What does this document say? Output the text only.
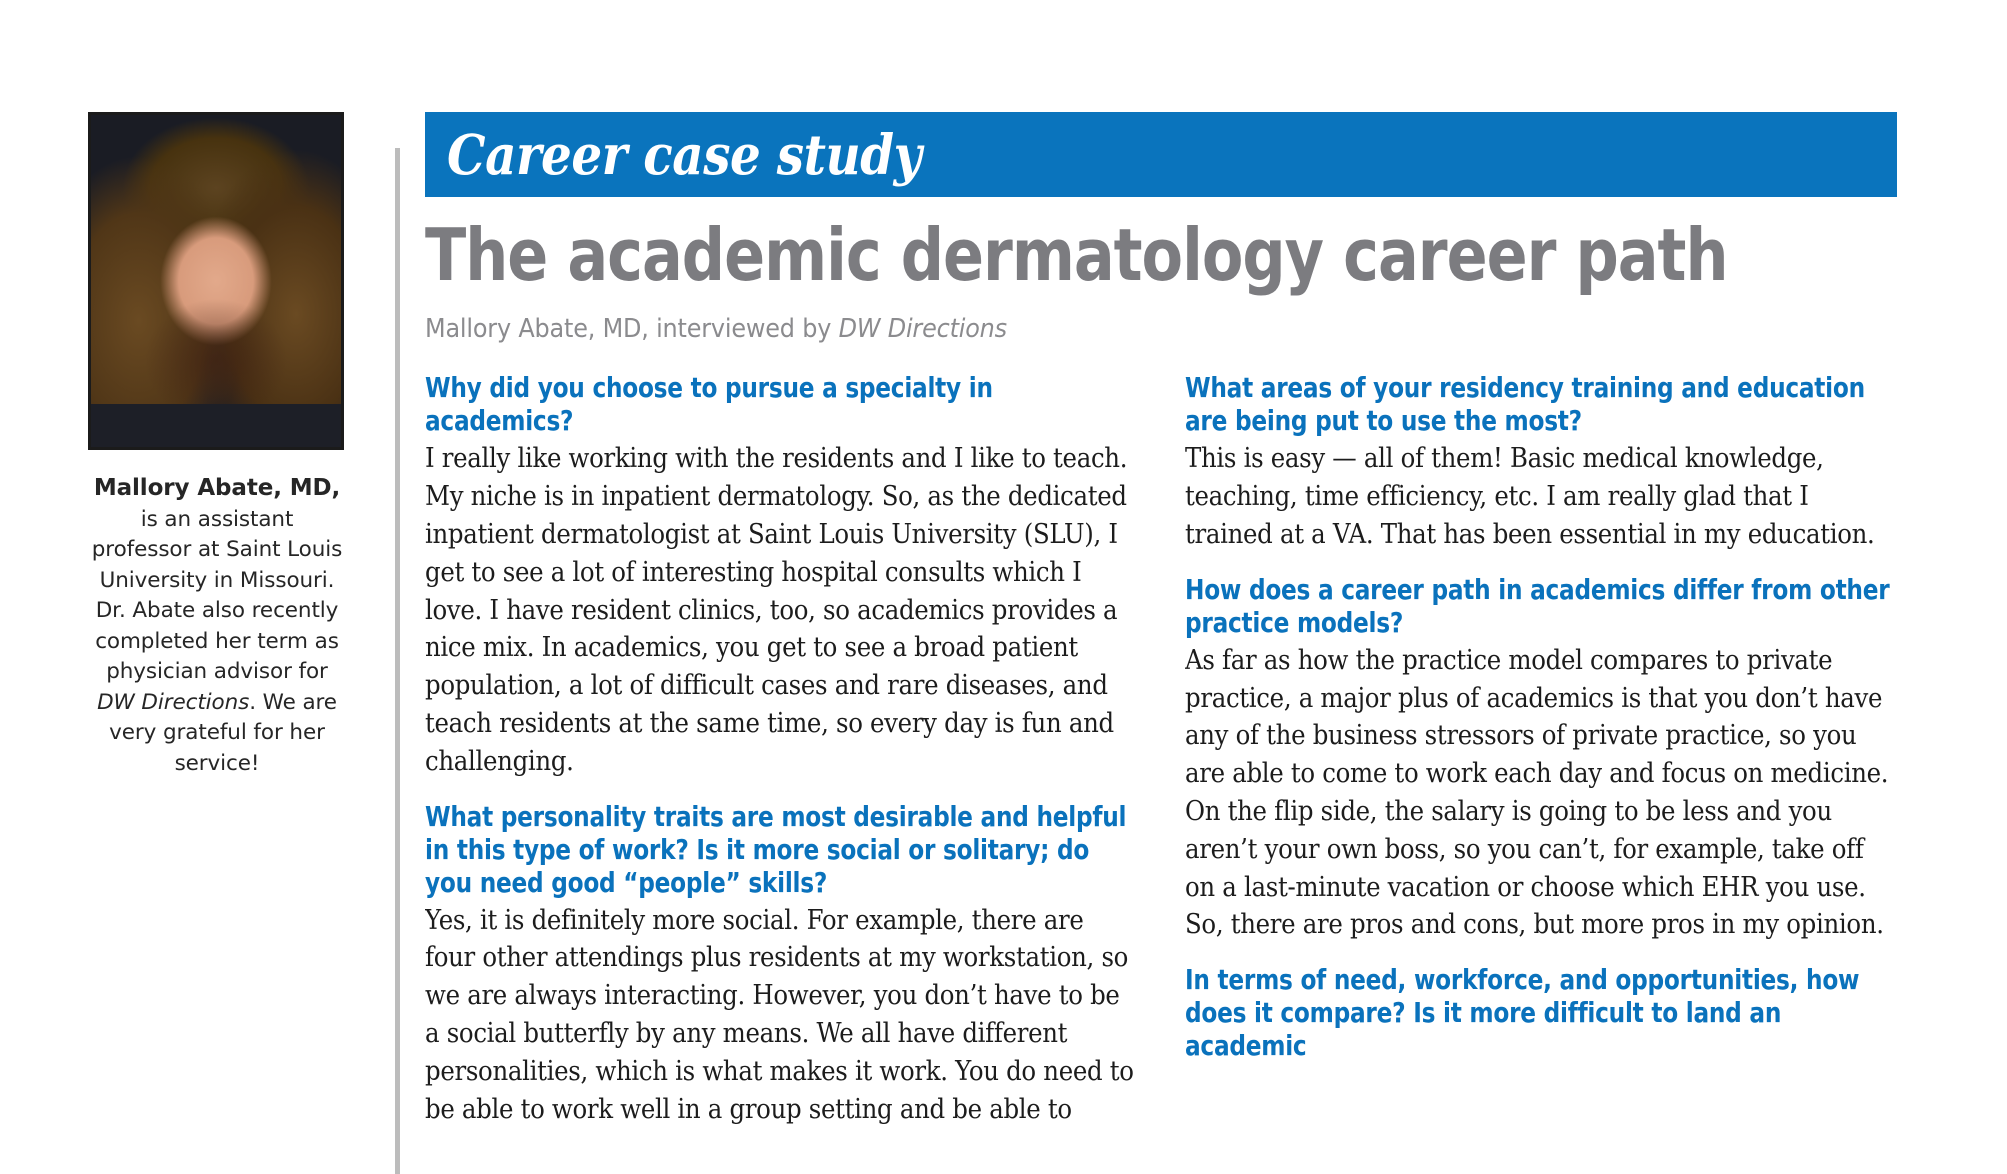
Mallory Abate, MD, is an assistant professor at Saint Louis University in Missouri. Dr. Abate also recently completed her term as physician advisor for DW Directions. We are very grateful for her service!
Career case study
The academic dermatology career path
Mallory Abate, MD, interviewed by DW Directions
Why did you choose to pursue a specialty in academics?
I really like working with the residents and I like to teach. My niche is in inpatient dermatology. So, as the dedicated inpatient dermatologist at Saint Louis University (SLU), I get to see a lot of interesting hospital consults which I love. I have resident clinics, too, so academics provides a nice mix. In academics, you get to see a broad patient population, a lot of difficult cases and rare diseases, and teach residents at the same time, so every day is fun and challenging.
What personality traits are most desirable and helpful in this type of work? Is it more social or solitary; do you need good “people” skills?
Yes, it is definitely more social. For example, there are four other attendings plus residents at my workstation, so we are always interacting. However, you don’t have to be a social butterfly by any means. We all have different personalities, which is what makes it work. You do need to be able to work well in a group setting and be able to
What areas of your residency training and education are being put to use the most?
This is easy — all of them! Basic medical knowledge, teaching, time efficiency, etc. I am really glad that I trained at a VA. That has been essential in my education.
How does a career path in academics differ from other practice models?
As far as how the practice model compares to private practice, a major plus of academics is that you don’t have any of the business stressors of private practice, so you are able to come to work each day and focus on medicine. On the flip side, the salary is going to be less and you aren’t your own boss, so you can’t, for example, take off on a last-minute vacation or choose which EHR you use. So, there are pros and cons, but more pros in my opinion.
In terms of need, workforce, and opportunities, how does it compare? Is it more difficult to land an academic
